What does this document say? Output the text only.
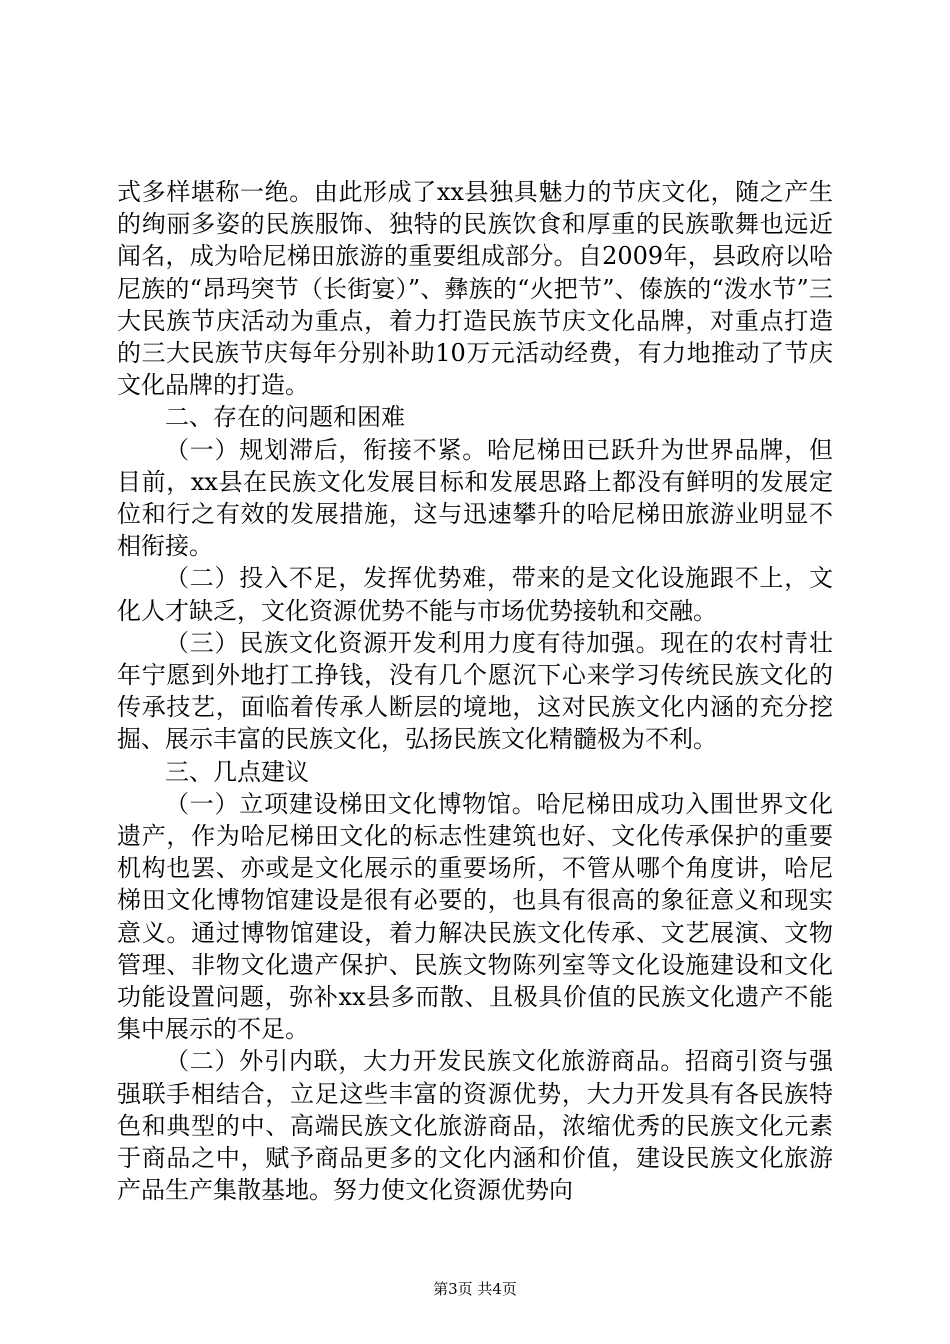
式多样堪称一绝。由此形成了xx县独具魅力的节庆文化，随之产生的绚丽多姿的民族服饰、独特的民族饮食和厚重的民族歌舞也远近闻名，成为哈尼梯田旅游的重要组成部分。自2009年，县政府以哈尼族的“昂玛突节（长街宴）”、彝族的“火把节”、傣族的“泼水节”三大民族节庆活动为重点，着力打造民族节庆文化品牌，对重点打造的三大民族节庆每年分别补助10万元活动经费，有力地推动了节庆文化品牌的打造。

二、存在的问题和困难

（一）规划滞后，衔接不紧。哈尼梯田已跃升为世界品牌，但目前，xx县在民族文化发展目标和发展思路上都没有鲜明的发展定位和行之有效的发展措施，这与迅速攀升的哈尼梯田旅游业明显不相衔接。

（二）投入不足，发挥优势难，带来的是文化设施跟不上，文化人才缺乏，文化资源优势不能与市场优势接轨和交融。

（三）民族文化资源开发利用力度有待加强。现在的农村青壮年宁愿到外地打工挣钱，没有几个愿沉下心来学习传统民族文化的传承技艺，面临着传承人断层的境地，这对民族文化内涵的充分挖掘、展示丰富的民族文化，弘扬民族文化精髓极为不利。

三、几点建议

（一）立项建设梯田文化博物馆。哈尼梯田成功入围世界文化遗产，作为哈尼梯田文化的标志性建筑也好、文化传承保护的重要机构也罢、亦或是文化展示的重要场所，不管从哪个角度讲，哈尼梯田文化博物馆建设是很有必要的，也具有很高的象征意义和现实意义。通过博物馆建设，着力解决民族文化传承、文艺展演、文物管理、非物文化遗产保护、民族文物陈列室等文化设施建设和文化功能设置问题，弥补xx县多而散、且极具价值的民族文化遗产不能集中展示的不足。

（二）外引内联，大力开发民族文化旅游商品。招商引资与强强联手相结合，立足这些丰富的资源优势，大力开发具有各民族特色和典型的中、高端民族文化旅游商品，浓缩优秀的民族文化元素于商品之中，赋予商品更多的文化内涵和价值，建设民族文化旅游产品生产集散基地。努力使文化资源优势向

第3页 共4页
